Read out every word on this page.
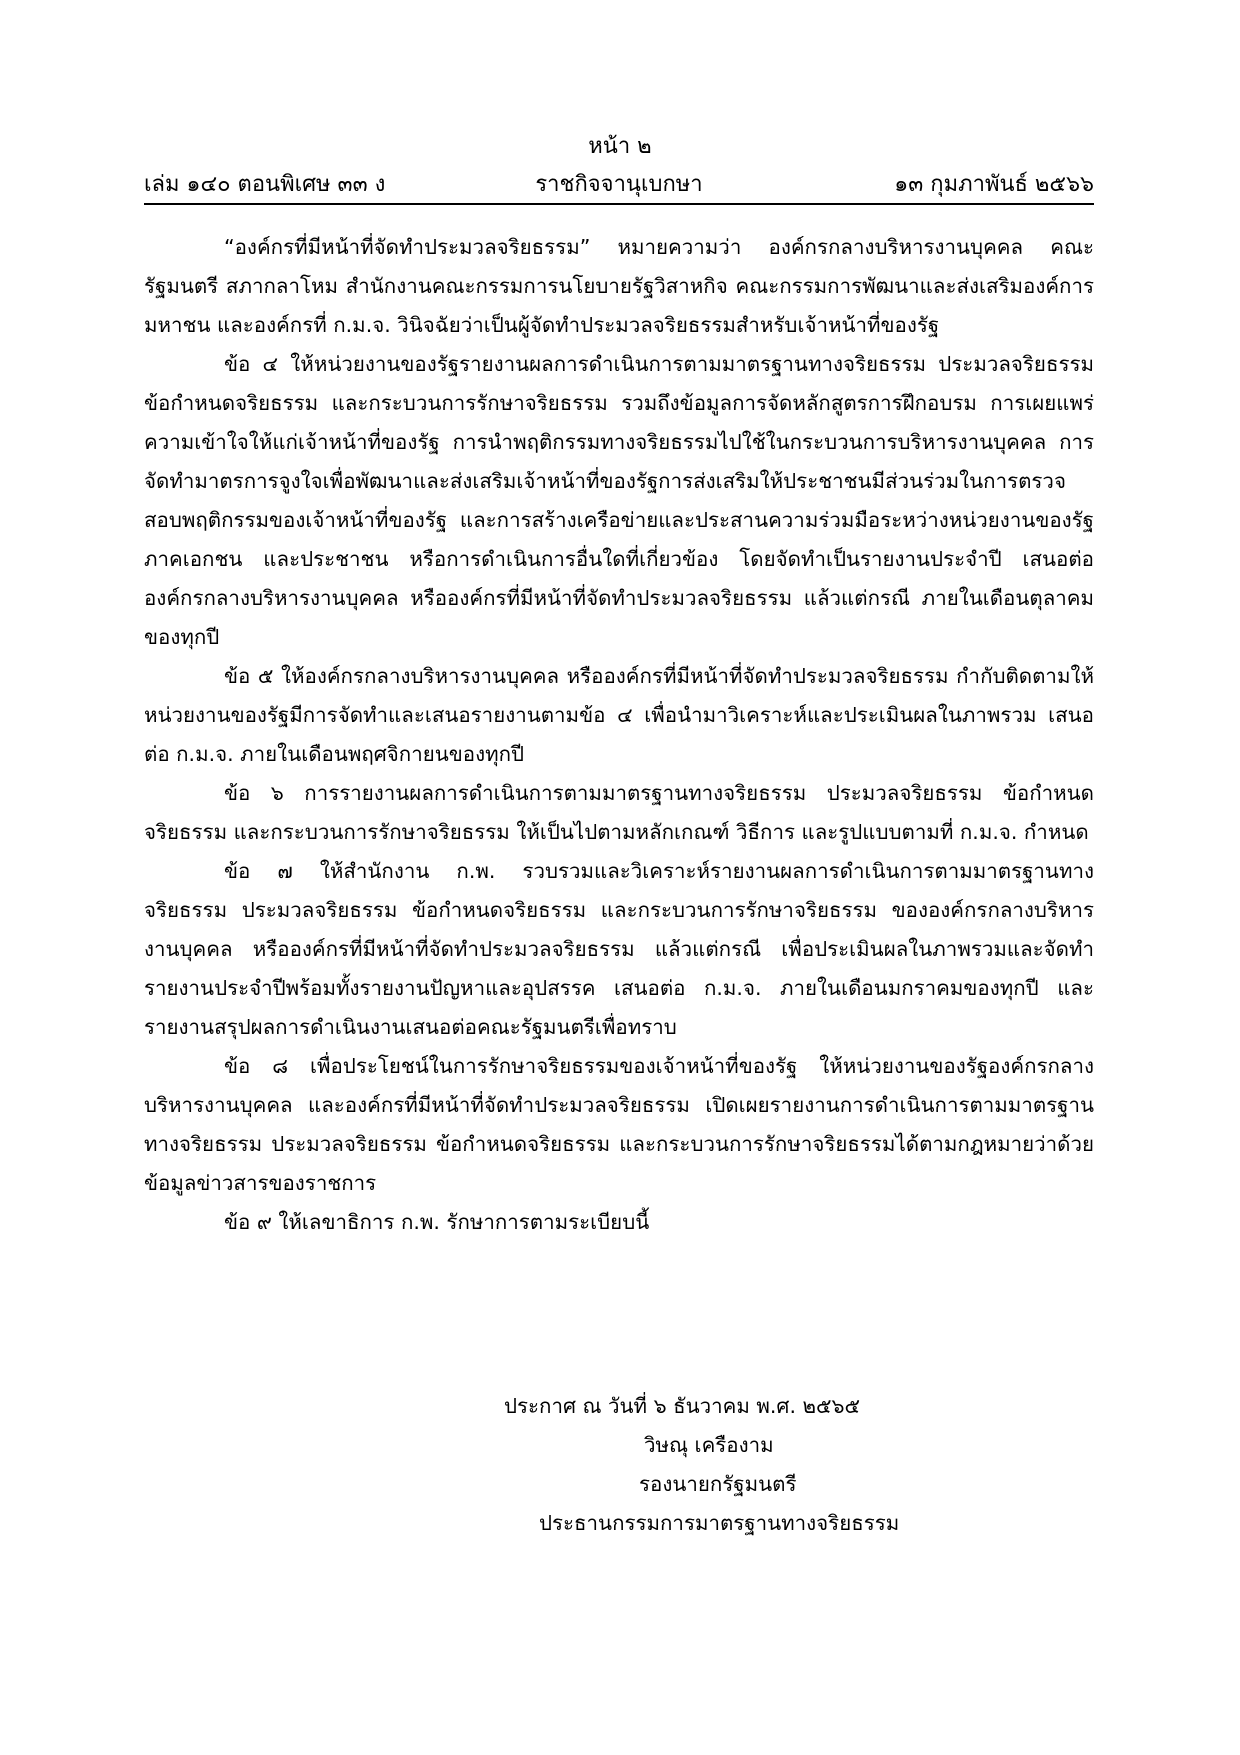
หน้า ๒
เล่ม ๑๔๐ ตอนพิเศษ ๓๓ ง	ราชกิจจานุเบกษา	๑๓ กุมภาพันธ์ ๒๕๖๖

“องค์กรที่มีหน้าที่จัดทำประมวลจริยธรรม” หมายความว่า องค์กรกลางบริหารงานบุคคล คณะรัฐมนตรี สภากลาโหม สำนักงานคณะกรรมการนโยบายรัฐวิสาหกิจ คณะกรรมการพัฒนาและส่งเสริมองค์การมหาชน และองค์กรที่ ก.ม.จ. วินิจฉัยว่าเป็นผู้จัดทำประมวลจริยธรรมสำหรับเจ้าหน้าที่ของรัฐ

ข้อ ๔ ให้หน่วยงานของรัฐรายงานผลการดำเนินการตามมาตรฐานทางจริยธรรม ประมวลจริยธรรม ข้อกำหนดจริยธรรม และกระบวนการรักษาจริยธรรม รวมถึงข้อมูลการจัดหลักสูตรการฝึกอบรม การเผยแพร่ความเข้าใจให้แก่เจ้าหน้าที่ของรัฐ การนำพฤติกรรมทางจริยธรรมไปใช้ในกระบวนการบริหารงานบุคคล การจัดทำมาตรการจูงใจเพื่อพัฒนาและส่งเสริมเจ้าหน้าที่ของรัฐการส่งเสริมให้ประชาชนมีส่วนร่วมในการตรวจสอบพฤติกรรมของเจ้าหน้าที่ของรัฐ และการสร้างเครือข่ายและประสานความร่วมมือระหว่างหน่วยงานของรัฐ ภาคเอกชน และประชาชน หรือการดำเนินการอื่นใดที่เกี่ยวข้อง โดยจัดทำเป็นรายงานประจำปี เสนอต่อองค์กรกลางบริหารงานบุคคล หรือองค์กรที่มีหน้าที่จัดทำประมวลจริยธรรม แล้วแต่กรณี ภายในเดือนตุลาคมของทุกปี

ข้อ ๕ ให้องค์กรกลางบริหารงานบุคคล หรือองค์กรที่มีหน้าที่จัดทำประมวลจริยธรรม กำกับติดตามให้หน่วยงานของรัฐมีการจัดทำและเสนอรายงานตามข้อ ๔ เพื่อนำมาวิเคราะห์และประเมินผลในภาพรวม เสนอต่อ ก.ม.จ. ภายในเดือนพฤศจิกายนของทุกปี

ข้อ ๖ การรายงานผลการดำเนินการตามมาตรฐานทางจริยธรรม ประมวลจริยธรรม ข้อกำหนดจริยธรรม และกระบวนการรักษาจริยธรรม ให้เป็นไปตามหลักเกณฑ์ วิธีการ และรูปแบบตามที่ ก.ม.จ. กำหนด

ข้อ ๗ ให้สำนักงาน ก.พ. รวบรวมและวิเคราะห์รายงานผลการดำเนินการตามมาตรฐานทางจริยธรรม ประมวลจริยธรรม ข้อกำหนดจริยธรรม และกระบวนการรักษาจริยธรรม ขององค์กรกลางบริหารงานบุคคล หรือองค์กรที่มีหน้าที่จัดทำประมวลจริยธรรม แล้วแต่กรณี เพื่อประเมินผลในภาพรวมและจัดทำรายงานประจำปีพร้อมทั้งรายงานปัญหาและอุปสรรค เสนอต่อ ก.ม.จ. ภายในเดือนมกราคมของทุกปี และรายงานสรุปผลการดำเนินงานเสนอต่อคณะรัฐมนตรีเพื่อทราบ

ข้อ ๘ เพื่อประโยชน์ในการรักษาจริยธรรมของเจ้าหน้าที่ของรัฐ ให้หน่วยงานของรัฐองค์กรกลางบริหารงานบุคคล และองค์กรที่มีหน้าที่จัดทำประมวลจริยธรรม เปิดเผยรายงานการดำเนินการตามมาตรฐานทางจริยธรรม ประมวลจริยธรรม ข้อกำหนดจริยธรรม และกระบวนการรักษาจริยธรรมได้ตามกฎหมายว่าด้วยข้อมูลข่าวสารของราชการ

ข้อ ๙ ให้เลขาธิการ ก.พ. รักษาการตามระเบียบนี้

ประกาศ ณ วันที่ ๖ ธันวาคม พ.ศ. ๒๕๖๕
วิษณุ เครืองาม
รองนายกรัฐมนตรี
ประธานกรรมการมาตรฐานทางจริยธรรม
